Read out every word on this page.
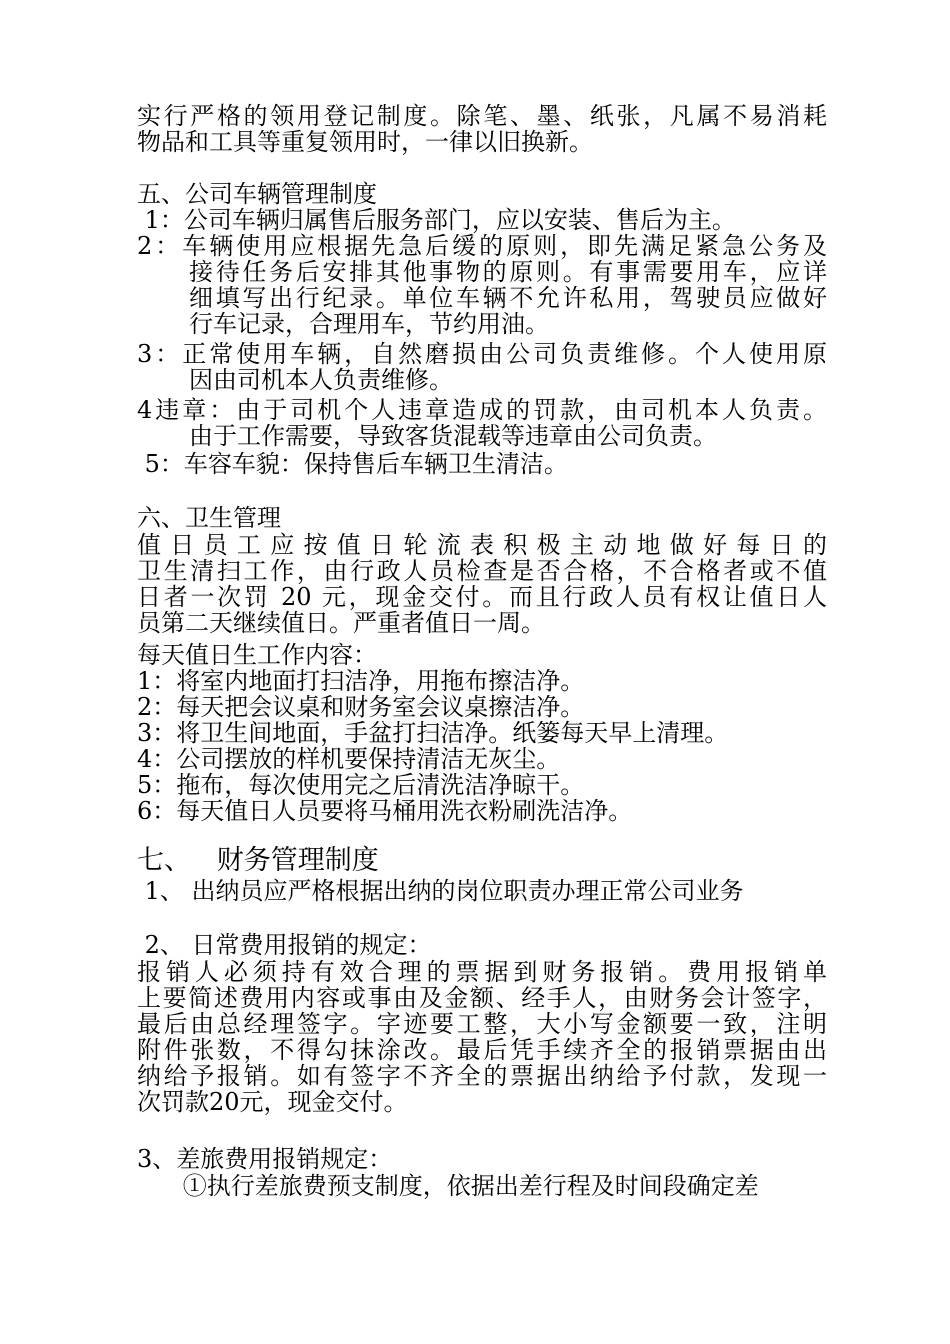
实行严格的领用登记制度。除笔、墨、纸张，凡属不易消耗
物品和工具等重复领用时，一律以旧换新。
五、公司车辆管理制度
1：公司车辆归属售后服务部门，应以安装、售后为主。
2：车辆使用应根据先急后缓的原则，即先满足紧急公务及
接待任务后安排其他事物的原则。有事需要用车，应详
细填写出行纪录。单位车辆不允许私用，驾驶员应做好
行车记录，合理用车，节约用油。
3：正常使用车辆，自然磨损由公司负责维修。个人使用原
因由司机本人负责维修。
4违章：由于司机个人违章造成的罚款，由司机本人负责。
由于工作需要，导致客货混载等违章由公司负责。
5：车容车貌：保持售后车辆卫生清洁。
六、卫生管理
值日员工应按值日轮流表积极主动地做好每日的
卫生清扫工作，由行政人员检查是否合格，不合格者或不值
日者一次罚 20 元，现金交付。而且行政人员有权让值日人
员第二天继续值日。严重者值日一周。
每天值日生工作内容：
1：将室内地面打扫洁净，用拖布擦洁净。
2：每天把会议桌和财务室会议桌擦洁净。
3：将卫生间地面，手盆打扫洁净。纸篓每天早上清理。
4：公司摆放的样机要保持清洁无灰尘。
5：拖布，每次使用完之后清洗洁净晾干。
6：每天值日人员要将马桶用洗衣粉刷洗洁净。
七、   财务管理制度
1、 出纳员应严格根据出纳的岗位职责办理正常公司业务
2、 日常费用报销的规定：
报销人必须持有效合理的票据到财务报销。费用报销单
上要简述费用内容或事由及金额、经手人，由财务会计签字，
最后由总经理签字。字迹要工整，大小写金额要一致，注明
附件张数，不得勾抹涂改。最后凭手续齐全的报销票据由出
纳给予报销。如有签字不齐全的票据出纳给予付款，发现一
次罚款20元，现金交付。
3、差旅费用报销规定：
①执行差旅费预支制度，依据出差行程及时间段确定差
